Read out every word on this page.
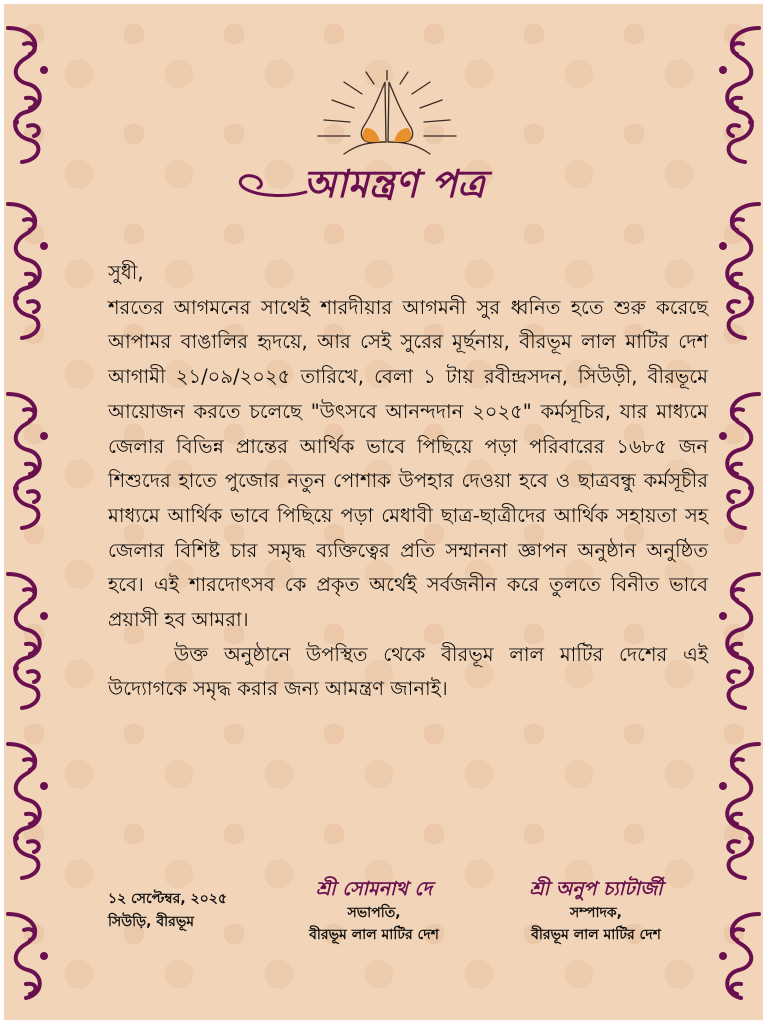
আমন্ত্রণ পত্র

সুধী,

শরতের আগমনের সাথেই শারদীয়ার আগমনী সুর ধ্বনিত হতে শুরু করেছে আপামর বাঙালির হৃদয়ে, আর সেই সুরের মূর্ছনায়, বীরভূম লাল মাটির দেশ আগামী ২১/০৯/২০২৫ তারিখে, বেলা ১ টায় রবীন্দ্রসদন, সিউড়ী, বীরভূমে আয়োজন করতে চলেছে "উৎসবে আনন্দদান ২০২৫" কর্মসূচির, যার মাধ্যমে জেলার বিভিন্ন প্রান্তের আর্থিক ভাবে পিছিয়ে পড়া পরিবারের ১৬৮৫ জন শিশুদের হাতে পুজোর নতুন পোশাক উপহার দেওয়া হবে ও ছাত্রবন্ধু কর্মসূচীর মাধ্যমে আর্থিক ভাবে পিছিয়ে পড়া মেধাবী ছাত্র-ছাত্রীদের আর্থিক সহায়তা সহ জেলার বিশিষ্ট চার সমৃদ্ধ ব্যক্তিত্বের প্রতি সম্মাননা জ্ঞাপন অনুষ্ঠান অনুষ্ঠিত হবে। এই শারদোৎসব কে প্রকৃত অর্থেই সর্বজনীন করে তুলতে বিনীত ভাবে প্রয়াসী হব আমরা।

উক্ত অনুষ্ঠানে উপস্থিত থেকে বীরভূম লাল মাটির দেশের এই উদ্যোগকে সমৃদ্ধ করার জন্য আমন্ত্রণ জানাই।

১২ সেপ্টেম্বর, ২০২৫
সিউড়ি, বীরভূম
শ্রী সোমনাথ দে
সভাপতি,
বীরভূম লাল মাটির দেশ
শ্রী অনুপ চ্যাটার্জী
সম্পাদক,
বীরভূম লাল মাটির দেশ
